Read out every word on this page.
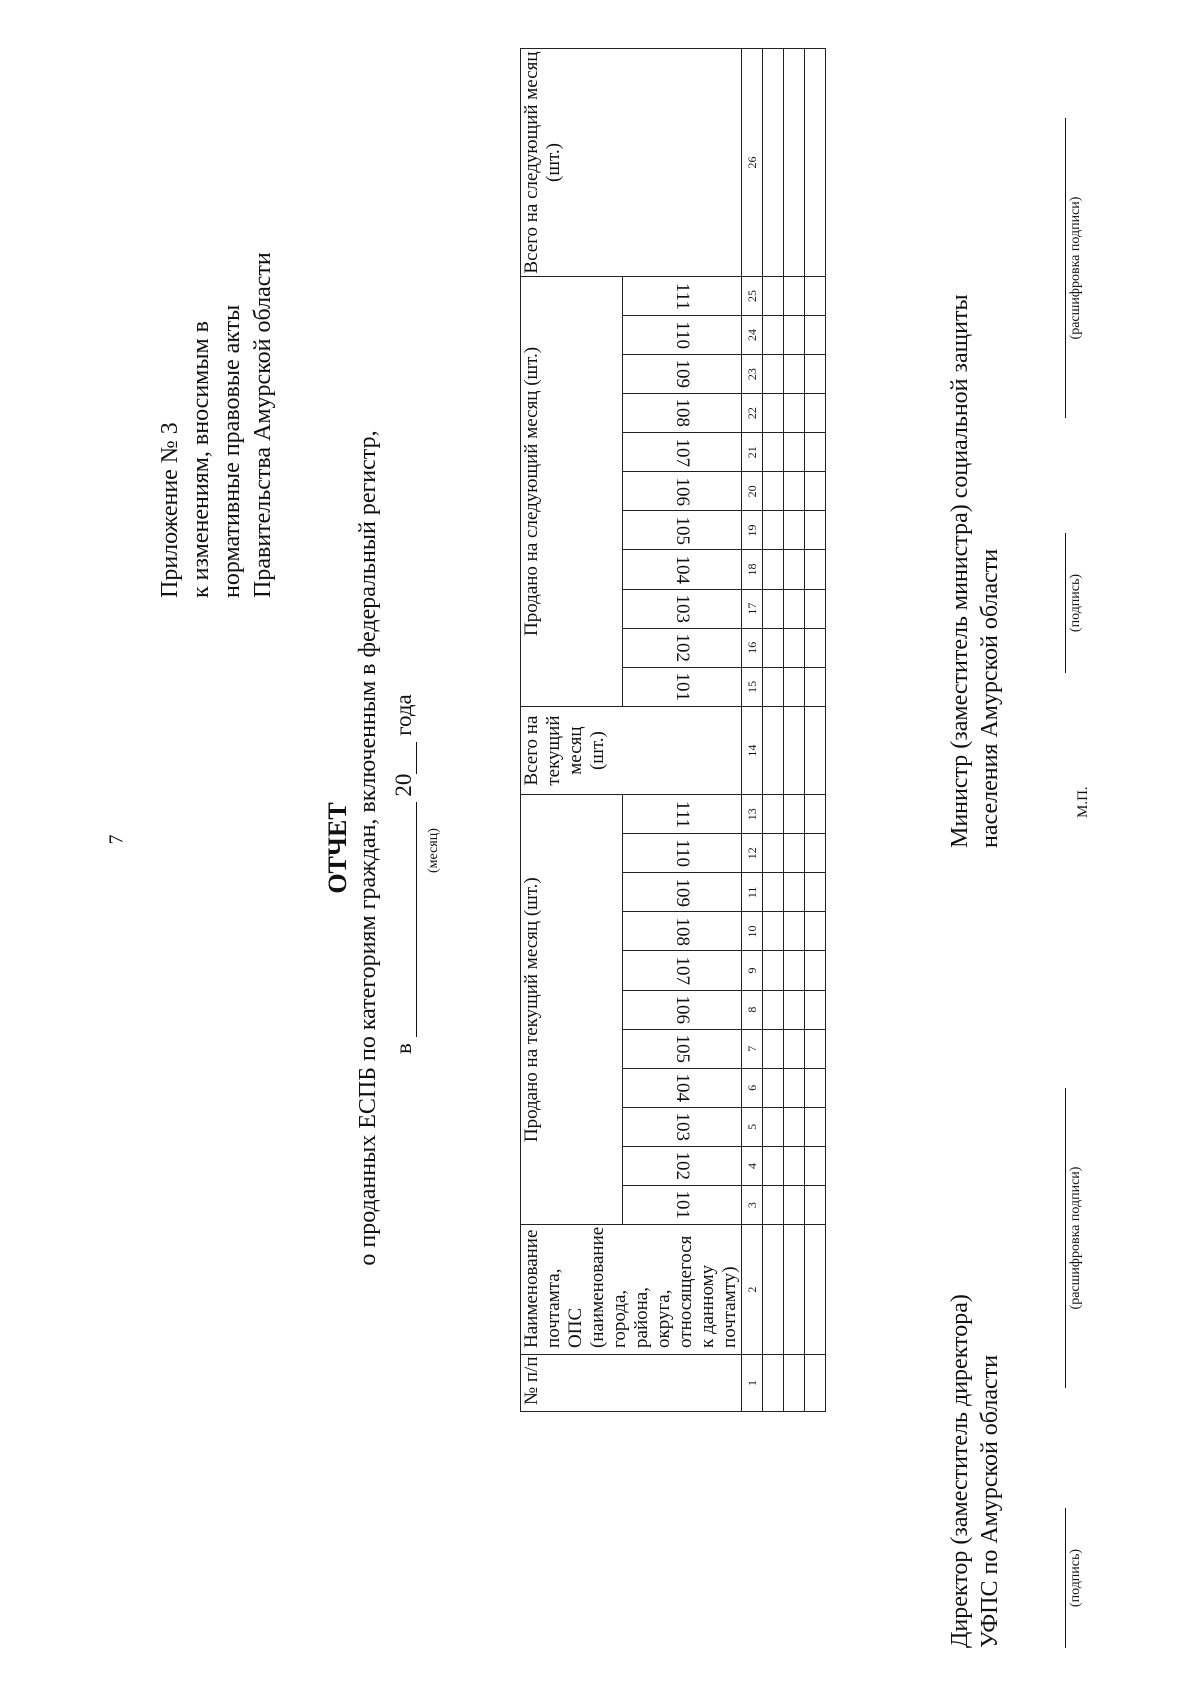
7
Приложение № 3 к изменениям, вносимым в нормативные правовые акты Правительства Амурской области
ОТЧЕТ о проданных ЕСПБ по категориям граждан, включенным в федеральный регистр, в  20 года
(месяц)
№ п/п	Наименование почтамта, ОПС (наименование города, района, округа, относящегося к данному почтамту)	Продано на текущий месяц (шт.)											Всего на текущий месяц (шт.)	Продано на следующий месяц (шт.)											Всего на следующий месяц (шт.)
		101	102	103	104	105	106	107	108	109	110	111		101	102	103	104	105	106	107	108	109	110	111	
1	2	3	4	5	6	7	8	9	10	11	12	13	14	15	16	17	18	19	20	21	22	23	24	25	26

Директор (заместитель директора) УФПС по Амурской области	(подпись)
(расшифровка подписи)
Министр (заместитель министра) социальной защиты населения Амурской области	М.П.
(подпись)
(расшифровка подписи)
